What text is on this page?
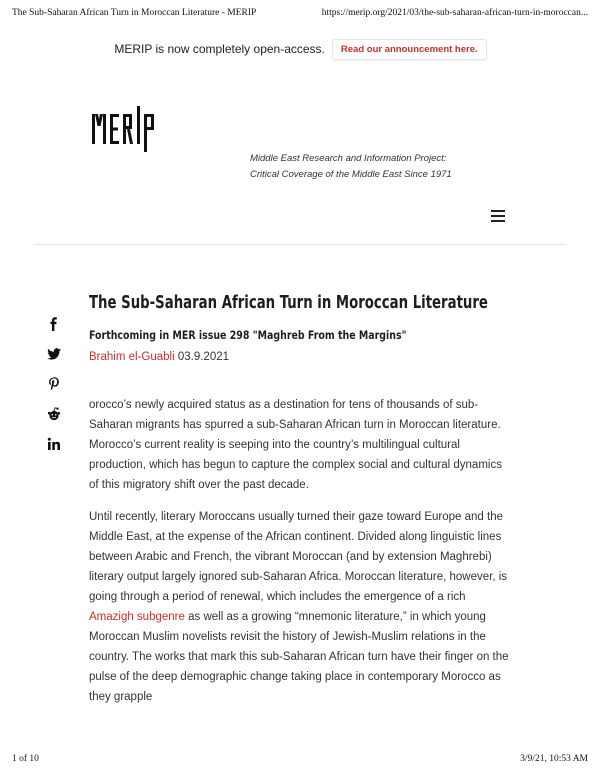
The Sub-Saharan African Turn in Moroccan Literature - MERIP	https://merip.org/2021/03/the-sub-saharan-african-turn-in-moroccan...
MERIP is now completely open-access.	Read our announcement here.
Middle East Research and Information Project:
Critical Coverage of the Middle East Since 1971
The Sub-Saharan African Turn in Moroccan Literature
Forthcoming in MER issue 298 "Maghreb From the Margins"
Brahim el-Guabli 03.9.2021

orocco’s newly acquired status as a destination for tens of thousands of sub-Saharan migrants has spurred a sub-Saharan African turn in Moroccan literature. Morocco’s current reality is seeping into the country’s multilingual cultural production, which has begun to capture the complex social and cultural dynamics of this migratory shift over the past decade.

Until recently, literary Moroccans usually turned their gaze toward Europe and the Middle East, at the expense of the African continent. Divided along linguistic lines between Arabic and French, the vibrant Moroccan (and by extension Maghrebi) literary output largely ignored sub-Saharan Africa. Moroccan literature, however, is going through a period of renewal, which includes the emergence of a rich Amazigh subgenre as well as a growing “mnemonic literature,” in which young Moroccan Muslim novelists revisit the history of Jewish-Muslim relations in the country. The works that mark this sub-Saharan African turn have their finger on the pulse of the deep demographic change taking place in contemporary Morocco as they grapple

1 of 10	3/9/21, 10:53 AM
